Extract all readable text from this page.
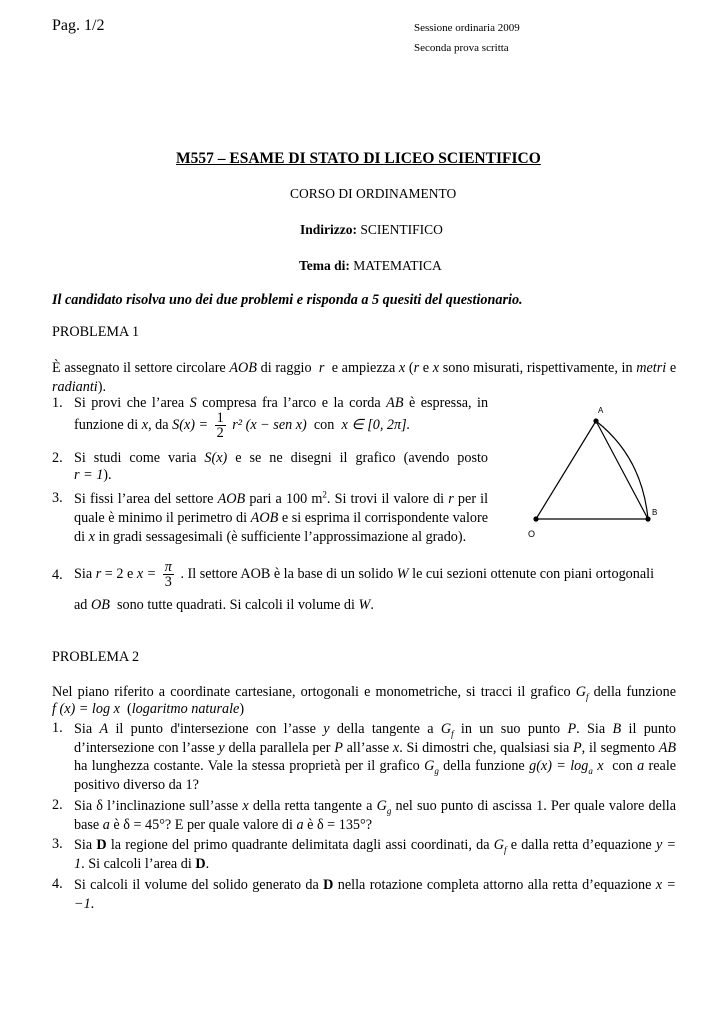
Pag. 1/2	Sessione ordinaria 2009
Seconda prova scritta
M557 – ESAME DI STATO DI LICEO SCIENTIFICO
CORSO DI ORDINAMENTO
Indirizzo: SCIENTIFICO
Tema di: MATEMATICA
Il candidato risolva uno dei due problemi e risponda a 5 quesiti del questionario.
PROBLEMA 1
È assegnato il settore circolare AOB di raggio r e ampiezza x (r e x sono misurati, rispettivamente, in metri e radianti).
1. Si provi che l’area S compresa fra l’arco e la corda AB è espressa, in
funzione di x, da $S(x) = \frac{1}{2} r^2$ (x − sen x) con x ∈ [0, 2π].
2. Si studi come varia S(x) e se ne disegni il grafico (avendo posto
r = 1).
3. Si fissi l’area del settore AOB pari a 100 $m^2$. Si trovi il valore di r per il quale è minimo il perimetro di AOB e si esprima il corrispondente valore di x in gradi sessagesimali (è sufficiente l’approssimazione al grado).
A
B
O
4. Sia r = 2 e $x = \frac{\pi}{3}$ . Il settore AOB è la base di un solido W le cui sezioni ottenute con piani ortogonali
ad OB sono tutte quadrati. Si calcoli il volume di W.
PROBLEMA 2
Nel piano riferito a coordinate cartesiane, ortogonali e monometriche, si tracci il grafico $G_f$ della funzione
f (x) = log x (logaritmo naturale)
1. Sia A il punto d'intersezione con l’asse y della tangente a $G_f$ in un suo punto P. Sia B il punto d’intersezione con l’asse y della parallela per P all’asse x. Si dimostri che, qualsiasi sia P, il segmento AB ha lunghezza costante. Vale la stessa proprietà per il grafico $G_g$ della funzione $g(x) = \log_a x$ con a reale positivo diverso da 1?
2. Sia δ l’inclinazione sull’asse x della retta tangente a $G_g$ nel suo punto di ascissa 1. Per quale valore della base a è δ = 45°? E per quale valore di a è δ = 135°?
3. Sia D la regione del primo quadrante delimitata dagli assi coordinati, da $G_f$ e dalla retta d’equazione y = 1. Si calcoli l’area di D.
4. Si calcoli il volume del solido generato da D nella rotazione completa attorno alla retta d’equazione x = −1.
